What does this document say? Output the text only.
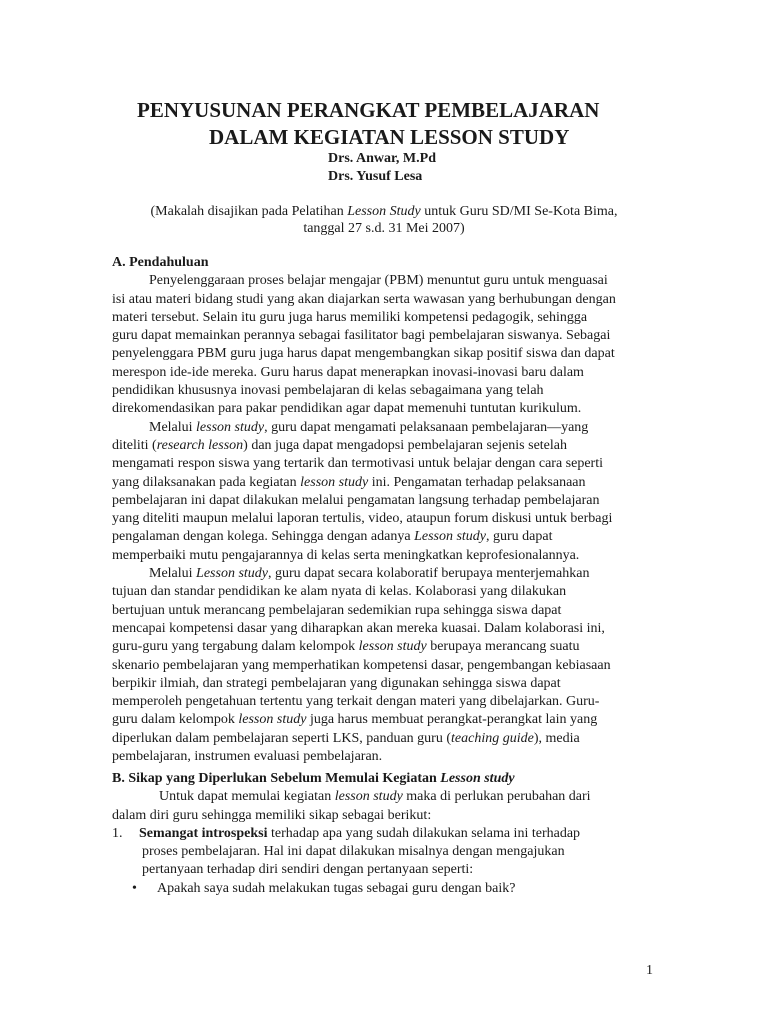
PENYUSUNAN PERANGKAT PEMBELAJARAN
DALAM KEGIATAN LESSON STUDY
Drs. Anwar, M.Pd
Drs. Yusuf Lesa
(Makalah disajikan pada Pelatihan Lesson Study untuk Guru SD/MI Se-Kota Bima,
tanggal 27 s.d. 31 Mei 2007)
A. Pendahuluan
Penyelenggaraan proses belajar mengajar (PBM) menuntut guru untuk menguasai
isi atau materi bidang studi yang akan diajarkan serta wawasan yang berhubungan dengan
materi tersebut. Selain itu guru juga harus memiliki kompetensi pedagogik, sehingga
guru dapat memainkan perannya sebagai fasilitator bagi pembelajaran siswanya. Sebagai
penyelenggara PBM guru juga harus dapat mengembangkan sikap positif siswa dan dapat
merespon ide-ide mereka. Guru harus dapat menerapkan inovasi-inovasi baru dalam
pendidikan khususnya inovasi pembelajaran di kelas sebagaimana yang telah
direkomendasikan para pakar pendidikan agar dapat memenuhi tuntutan kurikulum.
Melalui lesson study, guru dapat mengamati pelaksanaan pembelajaran—yang
diteliti (research lesson) dan juga dapat mengadopsi pembelajaran sejenis setelah
mengamati respon siswa yang tertarik dan termotivasi untuk belajar dengan cara seperti
yang dilaksanakan pada kegiatan lesson study ini. Pengamatan terhadap pelaksanaan
pembelajaran ini dapat dilakukan melalui pengamatan langsung terhadap pembelajaran
yang diteliti maupun melalui laporan tertulis, video, ataupun forum diskusi untuk berbagi
pengalaman dengan kolega. Sehingga dengan adanya Lesson study, guru dapat
memperbaiki mutu pengajarannya di kelas serta meningkatkan keprofesionalannya.
Melalui Lesson study, guru dapat secara kolaboratif berupaya menterjemahkan
tujuan dan standar pendidikan ke alam nyata di kelas. Kolaborasi yang dilakukan
bertujuan untuk merancang pembelajaran sedemikian rupa sehingga siswa dapat
mencapai kompetensi dasar yang diharapkan akan mereka kuasai. Dalam kolaborasi ini,
guru-guru yang tergabung dalam kelompok lesson study berupaya merancang suatu
skenario pembelajaran yang memperhatikan kompetensi dasar, pengembangan kebiasaan
berpikir ilmiah, dan strategi pembelajaran yang digunakan sehingga siswa dapat
memperoleh pengetahuan tertentu yang terkait dengan materi yang dibelajarkan. Guru-
guru dalam kelompok lesson study juga harus membuat perangkat-perangkat lain yang
diperlukan dalam pembelajaran seperti LKS, panduan guru (teaching guide), media
pembelajaran, instrumen evaluasi pembelajaran.
B. Sikap yang Diperlukan Sebelum Memulai Kegiatan Lesson study
Untuk dapat memulai kegiatan lesson study maka di perlukan perubahan dari
dalam diri guru sehingga memiliki sikap sebagai berikut:
1. Semangat introspeksi terhadap apa yang sudah dilakukan selama ini terhadap
proses pembelajaran. Hal ini dapat dilakukan misalnya dengan mengajukan
pertanyaan terhadap diri sendiri dengan pertanyaan seperti:
• Apakah saya sudah melakukan tugas sebagai guru dengan baik?
1
